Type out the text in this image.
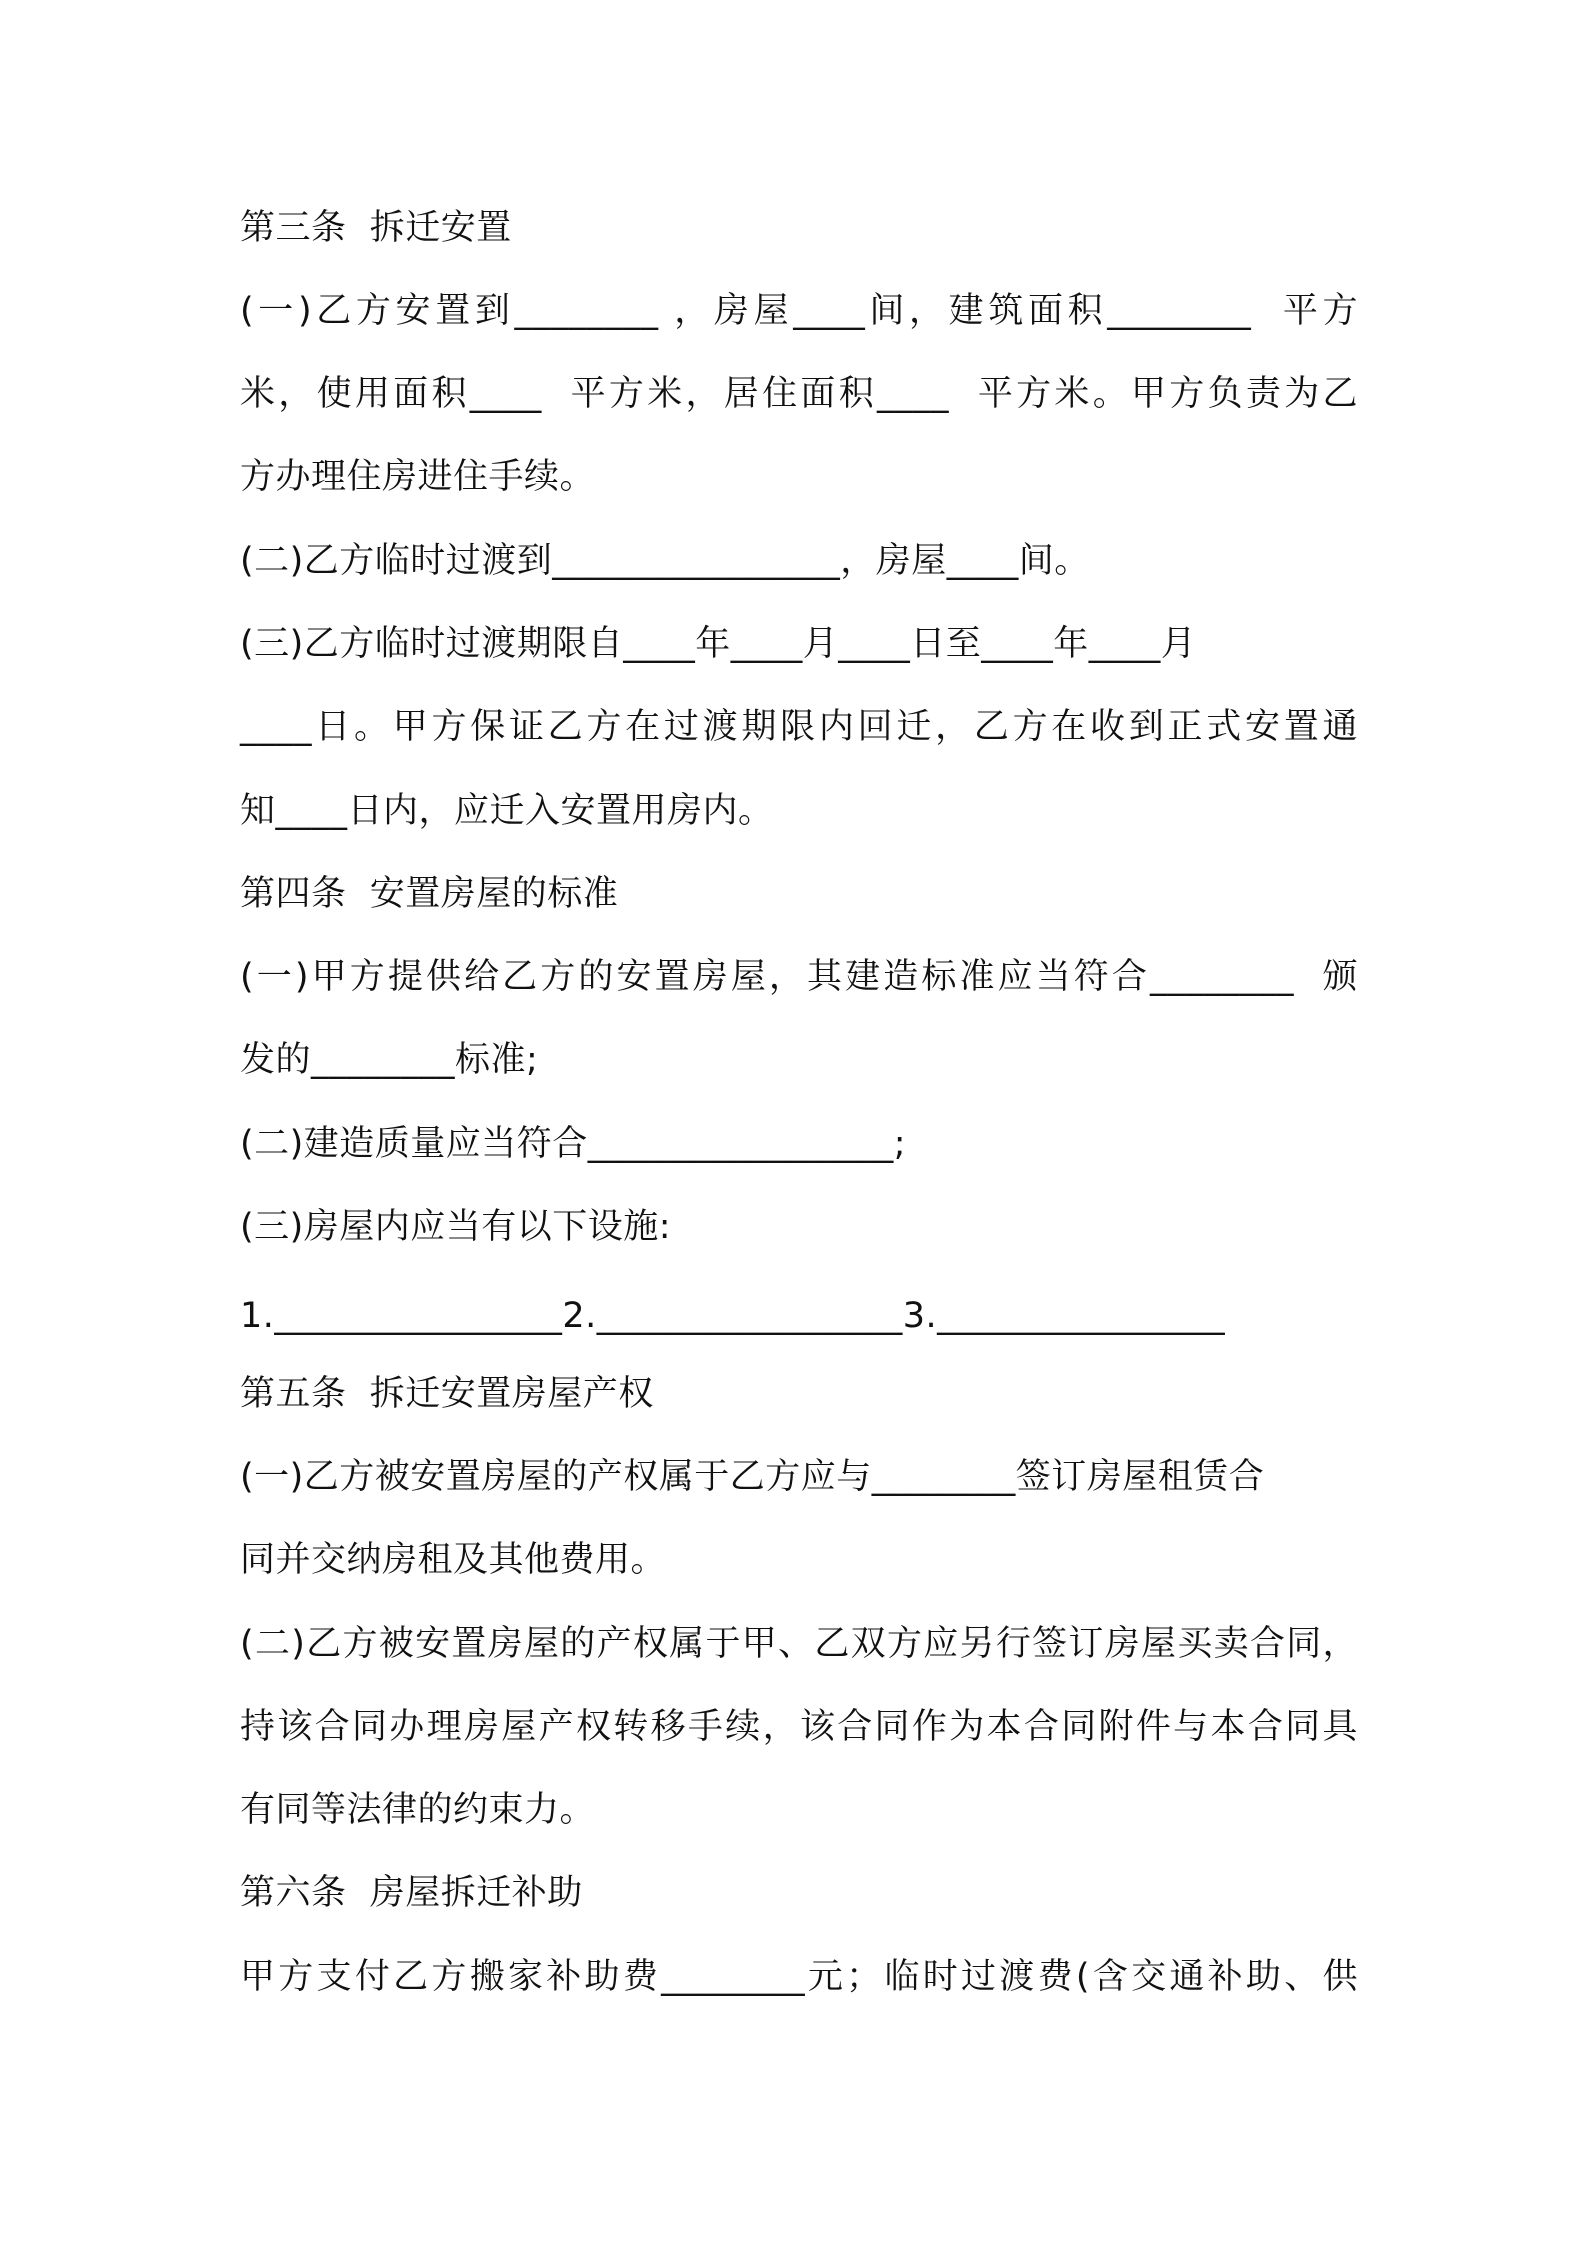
第三条  拆迁安置
(一)乙方安置到________ ，房屋____间，建筑面积________  平方
米，使用面积____  平方米，居住面积____  平方米。甲方负责为乙
方办理住房进住手续。
(二)乙方临时过渡到________________，房屋____间。
(三)乙方临时过渡期限自____年____月____日至____年____月
____日。甲方保证乙方在过渡期限内回迁，乙方在收到正式安置通
知____日内，应迁入安置用房内。
第四条  安置房屋的标准
(一)甲方提供给乙方的安置房屋，其建造标准应当符合________  颁
发的________标准;
(二)建造质量应当符合_________________;
(三)房屋内应当有以下设施:
1.________________2._________________3.________________
第五条  拆迁安置房屋产权
(一)乙方被安置房屋的产权属于乙方应与________签订房屋租赁合
同并交纳房租及其他费用。
(二)乙方被安置房屋的产权属于甲、乙双方应另行签订房屋买卖合同，
持该合同办理房屋产权转移手续，该合同作为本合同附件与本合同具
有同等法律的约束力。
第六条  房屋拆迁补助
甲方支付乙方搬家补助费________元；临时过渡费(含交通补助、供
